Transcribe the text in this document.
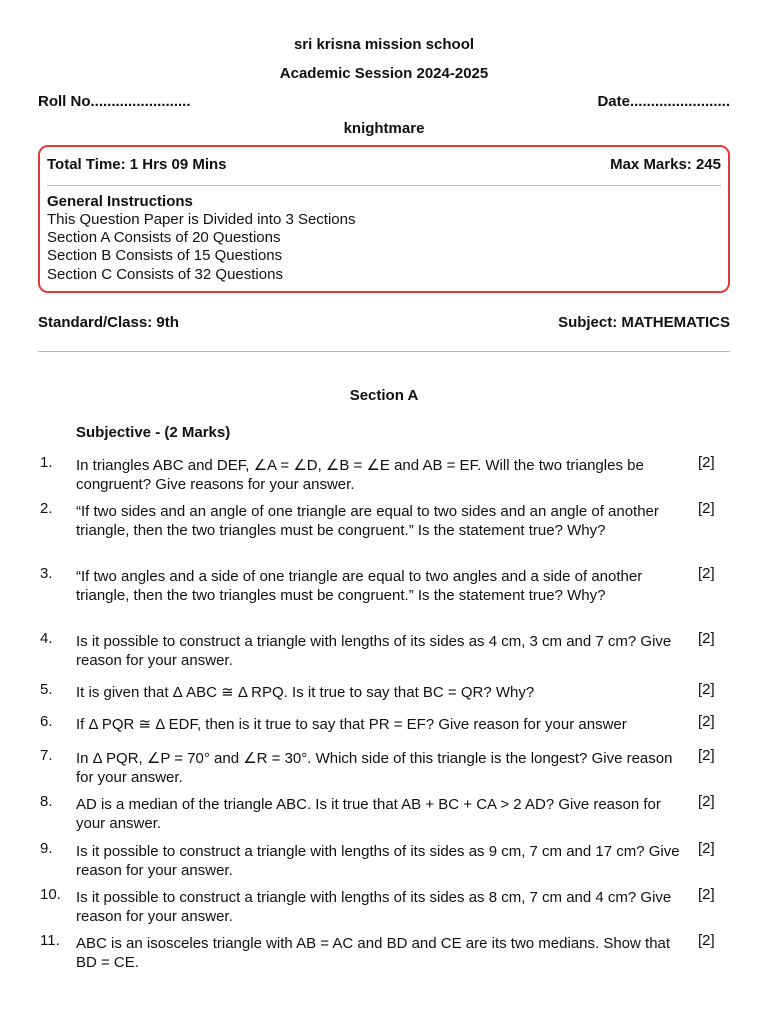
sri krisna mission school
Academic Session 2024-2025
Roll No........................	Date........................
knightmare
Total Time: 1 Hrs 09 Mins	Max Marks: 245
General Instructions
This Question Paper is Divided into 3 Sections
Section A Consists of 20 Questions
Section B Consists of 15 Questions
Section C Consists of 32 Questions
Standard/Class: 9th	Subject: MATHEMATICS
Section A
Subjective - (2 Marks)
1. In triangles ABC and DEF, ∠A = ∠D, ∠B = ∠E and AB = EF. Will the two triangles be congruent? Give reasons for your answer.
[2]
2. “If two sides and an angle of one triangle are equal to two sides and an angle of another triangle, then the two triangles must be congruent.” Is the statement true? Why?
[2]
3. “If two angles and a side of one triangle are equal to two angles and a side of another triangle, then the two triangles must be congruent.” Is the statement true? Why?
[2]
4. Is it possible to construct a triangle with lengths of its sides as 4 cm, 3 cm and 7 cm? Give reason for your answer.
[2]
5. It is given that Δ ABC ≅ Δ RPQ. Is it true to say that BC = QR? Why?	[2]
6. If Δ PQR ≅ Δ EDF, then is it true to say that PR = EF? Give reason for your answer	[2]
7. In Δ PQR, ∠P = 70° and ∠R = 30°. Which side of this triangle is the longest? Give reason for your answer.
[2]
8. AD is a median of the triangle ABC. Is it true that AB + BC + CA > 2 AD? Give reason for your answer.
[2]
9. Is it possible to construct a triangle with lengths of its sides as 9 cm, 7 cm and 17 cm? Give reason for your answer.
[2]
10. Is it possible to construct a triangle with lengths of its sides as 8 cm, 7 cm and 4 cm? Give reason for your answer.
[2]
11. ABC is an isosceles triangle with AB = AC and BD and CE are its two medians. Show that BD = CE.
[2]
